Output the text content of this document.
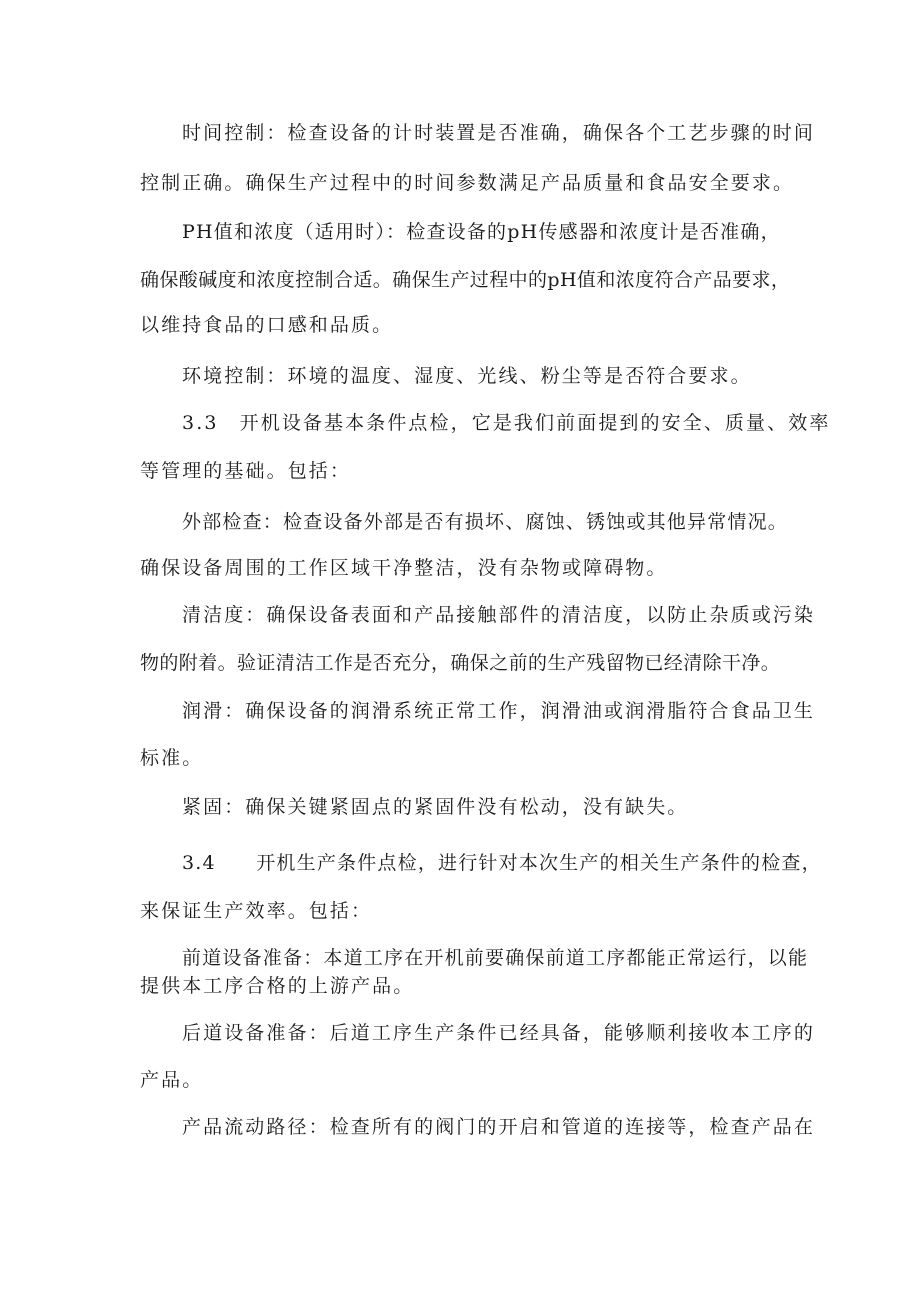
时间控制：检查设备的计时装置是否准确，确保各个工艺步骤的时间
控制正确。确保生产过程中的时间参数满足产品质量和食品安全要求。
PH值和浓度（适用时）：检查设备的pH传感器和浓度计是否准确，
确保酸碱度和浓度控制合适。确保生产过程中的pH值和浓度符合产品要求，
以维持食品的口感和品质。
环境控制：环境的温度、湿度、光线、粉尘等是否符合要求。
3.3　开机设备基本条件点检，它是我们前面提到的安全、质量、效率
等管理的基础。包括：
外部检查：检查设备外部是否有损坏、腐蚀、锈蚀或其他异常情况。
确保设备周围的工作区域干净整洁，没有杂物或障碍物。
清洁度：确保设备表面和产品接触部件的清洁度，以防止杂质或污染
物的附着。验证清洁工作是否充分，确保之前的生产残留物已经清除干净。
润滑：确保设备的润滑系统正常工作，润滑油或润滑脂符合食品卫生
标准。
紧固：确保关键紧固点的紧固件没有松动，没有缺失。
3.4　　开机生产条件点检，进行针对本次生产的相关生产条件的检查，
来保证生产效率。包括：
前道设备准备：本道工序在开机前要确保前道工序都能正常运行，以能
提供本工序合格的上游产品。
后道设备准备：后道工序生产条件已经具备，能够顺利接收本工序的
产品。
产品流动路径：检查所有的阀门的开启和管道的连接等，检查产品在
